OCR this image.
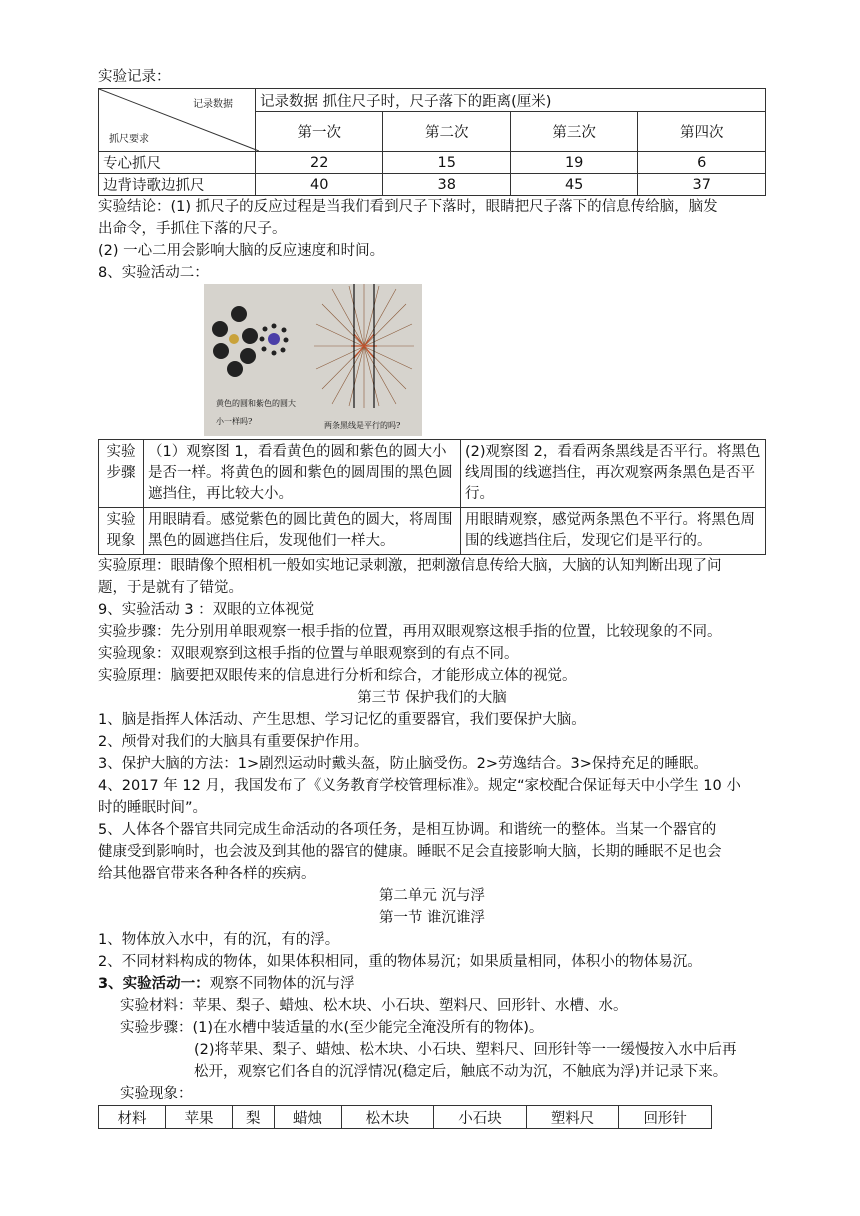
实验记录：
记录数据
抓尺要求	记录数据 抓住尺子时，尺子落下的距离(厘米)			
	第一次	第二次	第三次	第四次
专心抓尺	22	15	19	6
边背诗歌边抓尺	40	38	45	37
实验结论：(1) 抓尺子的反应过程是当我们看到尺子下落时，眼睛把尺子落下的信息传给脑，脑发
出命令，手抓住下落的尺子。
(2) 一心二用会影响大脑的反应速度和时间。
8、实验活动二：
黄色的圆和紫色的圆大
小一样吗?	两条黑线是平行的吗?
实验
步骤	（1）观察图 1，看看黄色的圆和紫色的圆大小是否一样。将黄色的圆和紫色的圆周围的黑色圆遮挡住，再比较大小。	(2)观察图 2，看看两条黑线是否平行。将黑色线周围的线遮挡住，再次观察两条黑色是否平行。

实验
现象	用眼睛看。感觉紫色的圆比黄色的圆大，将周围黑色的圆遮挡住后，发现他们一样大。	用眼睛观察，感觉两条黑色不平行。将黑色周围的线遮挡住后，发现它们是平行的。
实验原理：眼睛像个照相机一般如实地记录刺激，把刺激信息传给大脑，大脑的认知判断出现了问
题，于是就有了错觉。
9、实验活动 3 ：双眼的立体视觉
实验步骤：先分别用单眼观察一根手指的位置，再用双眼观察这根手指的位置，比较现象的不同。
实验现象：双眼观察到这根手指的位置与单眼观察到的有点不同。
实验原理：脑要把双眼传来的信息进行分析和综合，才能形成立体的视觉。
第三节 保护我们的大脑
1、脑是指挥人体活动、产生思想、学习记忆的重要器官，我们要保护大脑。
2、颅骨对我们的大脑具有重要保护作用。
3、保护大脑的方法：1>剧烈运动时戴头盔，防止脑受伤。2>劳逸结合。3>保持充足的睡眠。
4、2017 年 12 月，我国发布了《义务教育学校管理标准》。规定“家校配合保证每天中小学生 10 小
时的睡眠时间”。
5、人体各个器官共同完成生命活动的各项任务，是相互协调。和谐统一的整体。当某一个器官的
健康受到影响时，也会波及到其他的器官的健康。睡眠不足会直接影响大脑，长期的睡眠不足也会
给其他器官带来各种各样的疾病。
第二单元 沉与浮
第一节 谁沉谁浮
1、物体放入水中，有的沉，有的浮。
2、不同材料构成的物体，如果体积相同，重的物体易沉；如果质量相同，体积小的物体易沉。
3、实验活动一：观察不同物体的沉与浮
实验材料：苹果、梨子、蜡烛、松木块、小石块、塑料尺、回形针、水槽、水。
实验步骤：(1)在水槽中装适量的水(至少能完全淹没所有的物体)。
(2)将苹果、梨子、蜡烛、松木块、小石块、塑料尺、回形针等一一缓慢按入水中后再
松开，观察它们各自的沉浮情况(稳定后，触底不动为沉，不触底为浮)并记录下来。
实验现象：
材料	苹果	梨	蜡烛	松木块	小石块	塑料尺	回形针
